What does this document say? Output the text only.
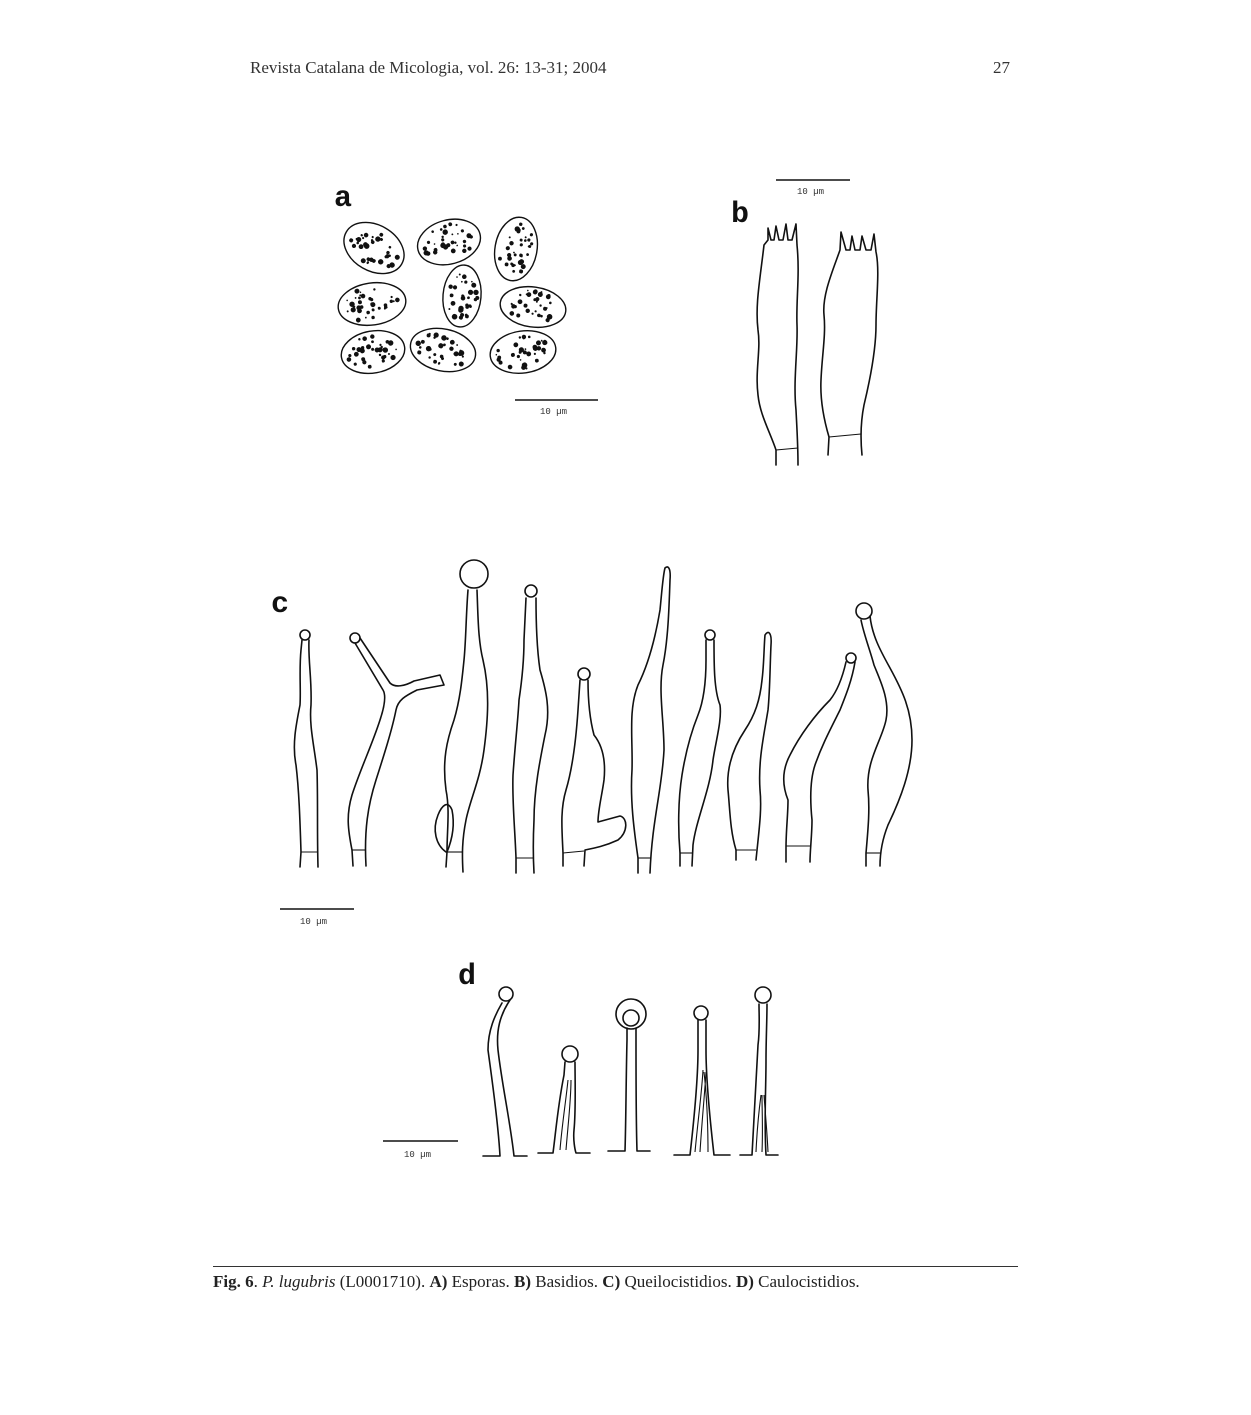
Revista Catalana de Micologia, vol. 26: 13-31; 2004	27
a
10 µm
10 µm
b
c
10 µm
d
10 µm
Fig. 6. P. lugubris (L0001710). A) Esporas. B) Basidios. C) Queilocistidios. D) Caulocistidios.
